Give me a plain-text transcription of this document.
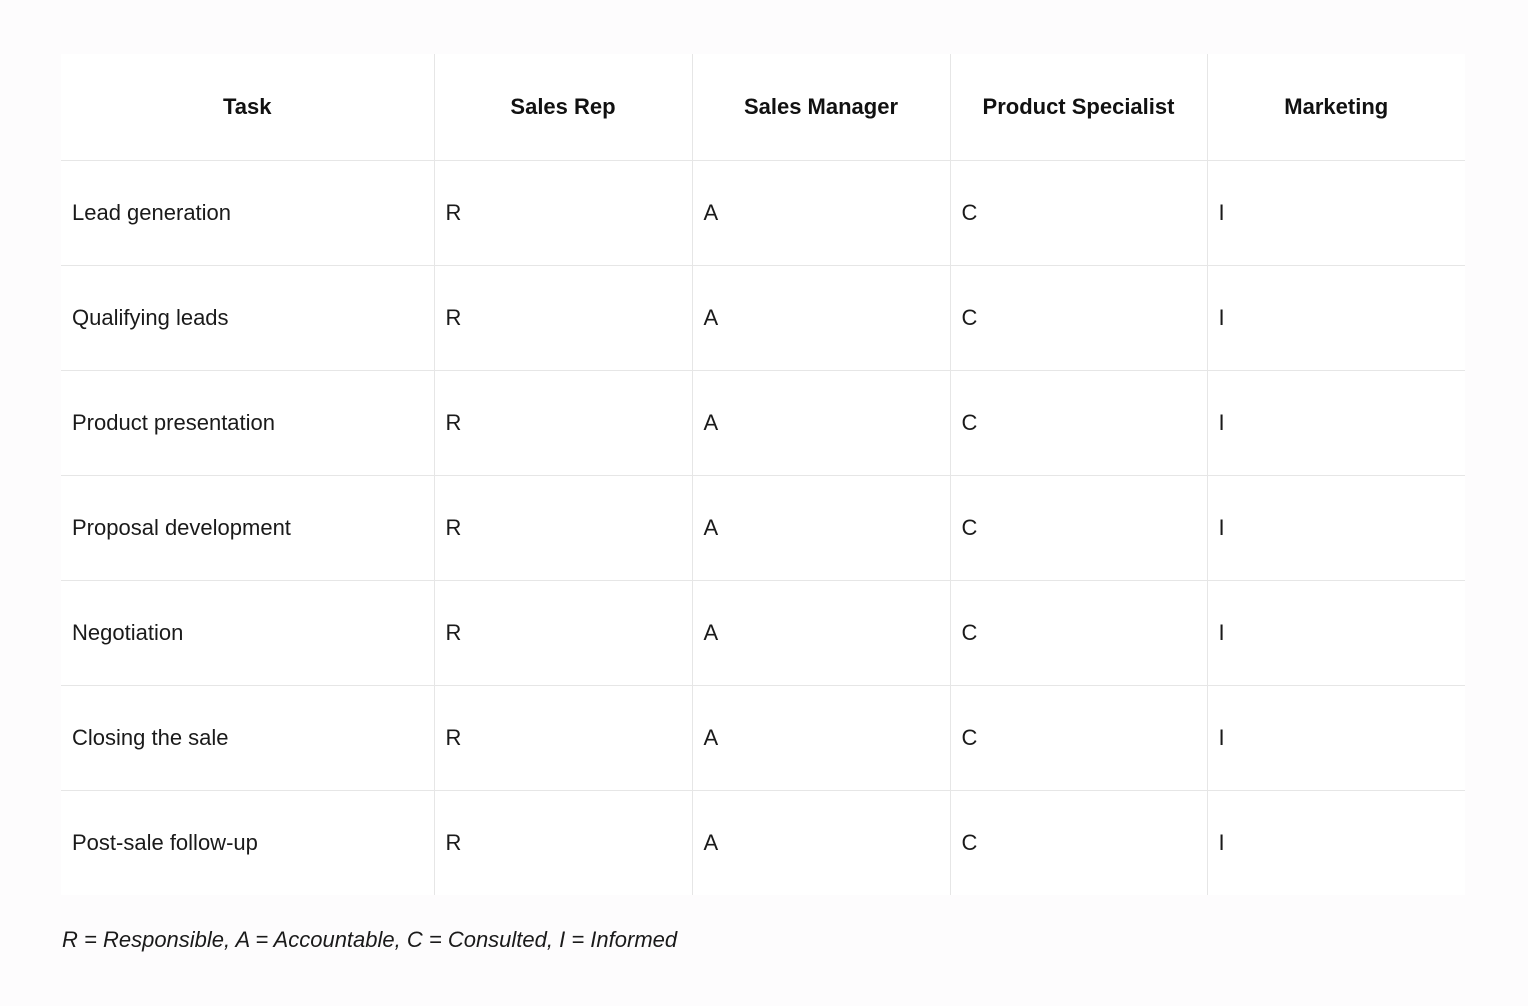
Task	Sales Rep	Sales Manager	Product Specialist	Marketing
Lead generation	R	A	C	I
Qualifying leads	R	A	C	I
Product presentation	R	A	C	I
Proposal development	R	A	C	I
Negotiation	R	A	C	I
Closing the sale	R	A	C	I
Post-sale follow-up	R	A	C	I
R = Responsible, A = Accountable, C = Consulted, I = Informed
